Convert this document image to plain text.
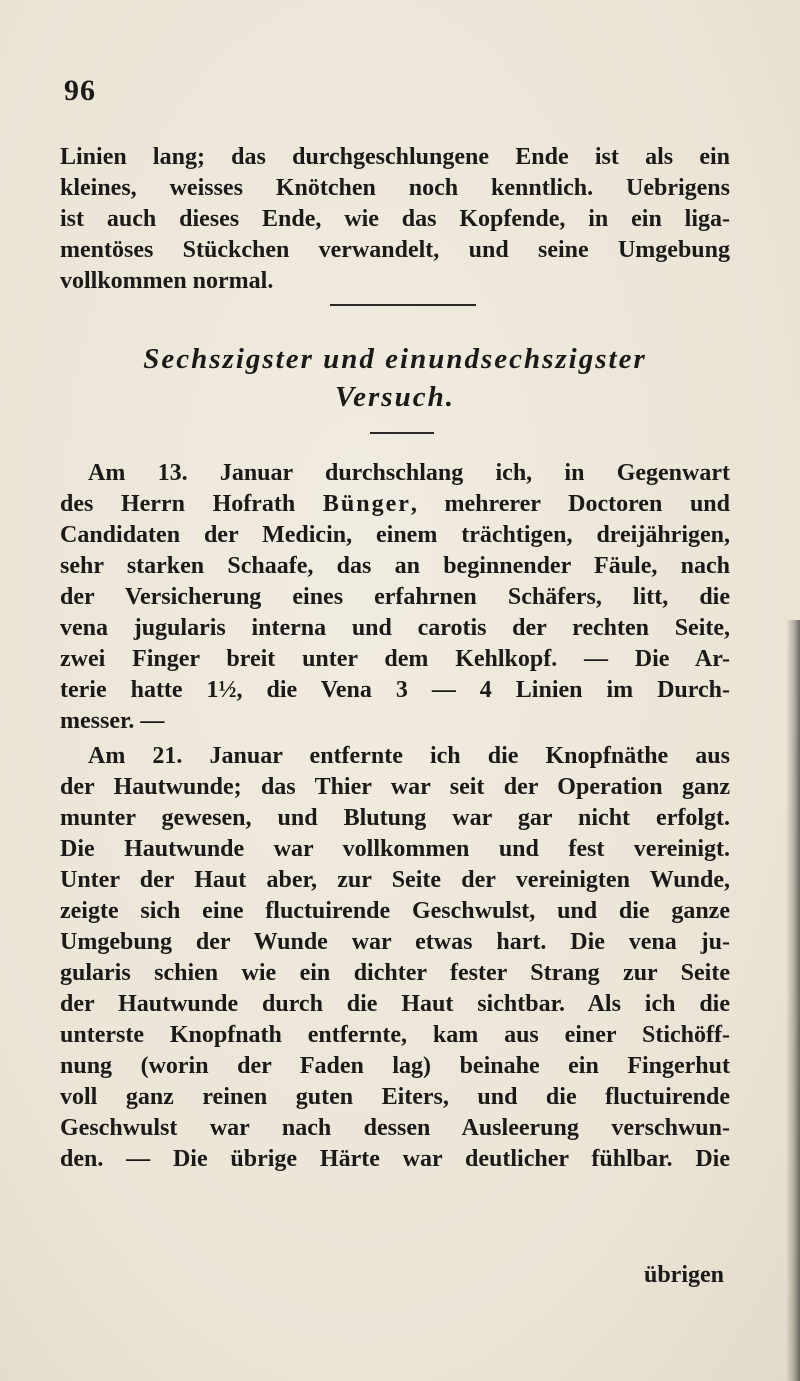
96
Linien lang; das durchgeschlungene Ende ist als ein
kleines, weisses Knötchen noch kenntlich. Uebrigens
ist auch dieses Ende, wie das Kopfende, in ein liga-
mentöses Stückchen verwandelt, und seine Umgebung
vollkommen normal.
Sechszigster und einundsechszigster
Versuch.
Am 13. Januar durchschlang ich, in Gegenwart
des Herrn Hofrath Bünger, mehrerer Doctoren und
Candidaten der Medicin, einem trächtigen, dreijährigen,
sehr starken Schaafe, das an beginnender Fäule, nach
der Versicherung eines erfahrnen Schäfers, litt, die
vena jugularis interna und carotis der rechten Seite,
zwei Finger breit unter dem Kehlkopf. — Die Ar-
terie hatte 1½, die Vena 3 — 4 Linien im Durch-
messer. —
Am 21. Januar entfernte ich die Knopfnäthe aus
der Hautwunde; das Thier war seit der Operation ganz
munter gewesen, und Blutung war gar nicht erfolgt.
Die Hautwunde war vollkommen und fest vereinigt.
Unter der Haut aber, zur Seite der vereinigten Wunde,
zeigte sich eine fluctuirende Geschwulst, und die ganze
Umgebung der Wunde war etwas hart. Die vena ju-
gularis schien wie ein dichter fester Strang zur Seite
der Hautwunde durch die Haut sichtbar. Als ich die
unterste Knopfnath entfernte, kam aus einer Stichöff-
nung (worin der Faden lag) beinahe ein Fingerhut
voll ganz reinen guten Eiters, und die fluctuirende
Geschwulst war nach dessen Ausleerung verschwun-
den. — Die übrige Härte war deutlicher fühlbar. Die
übrigen
